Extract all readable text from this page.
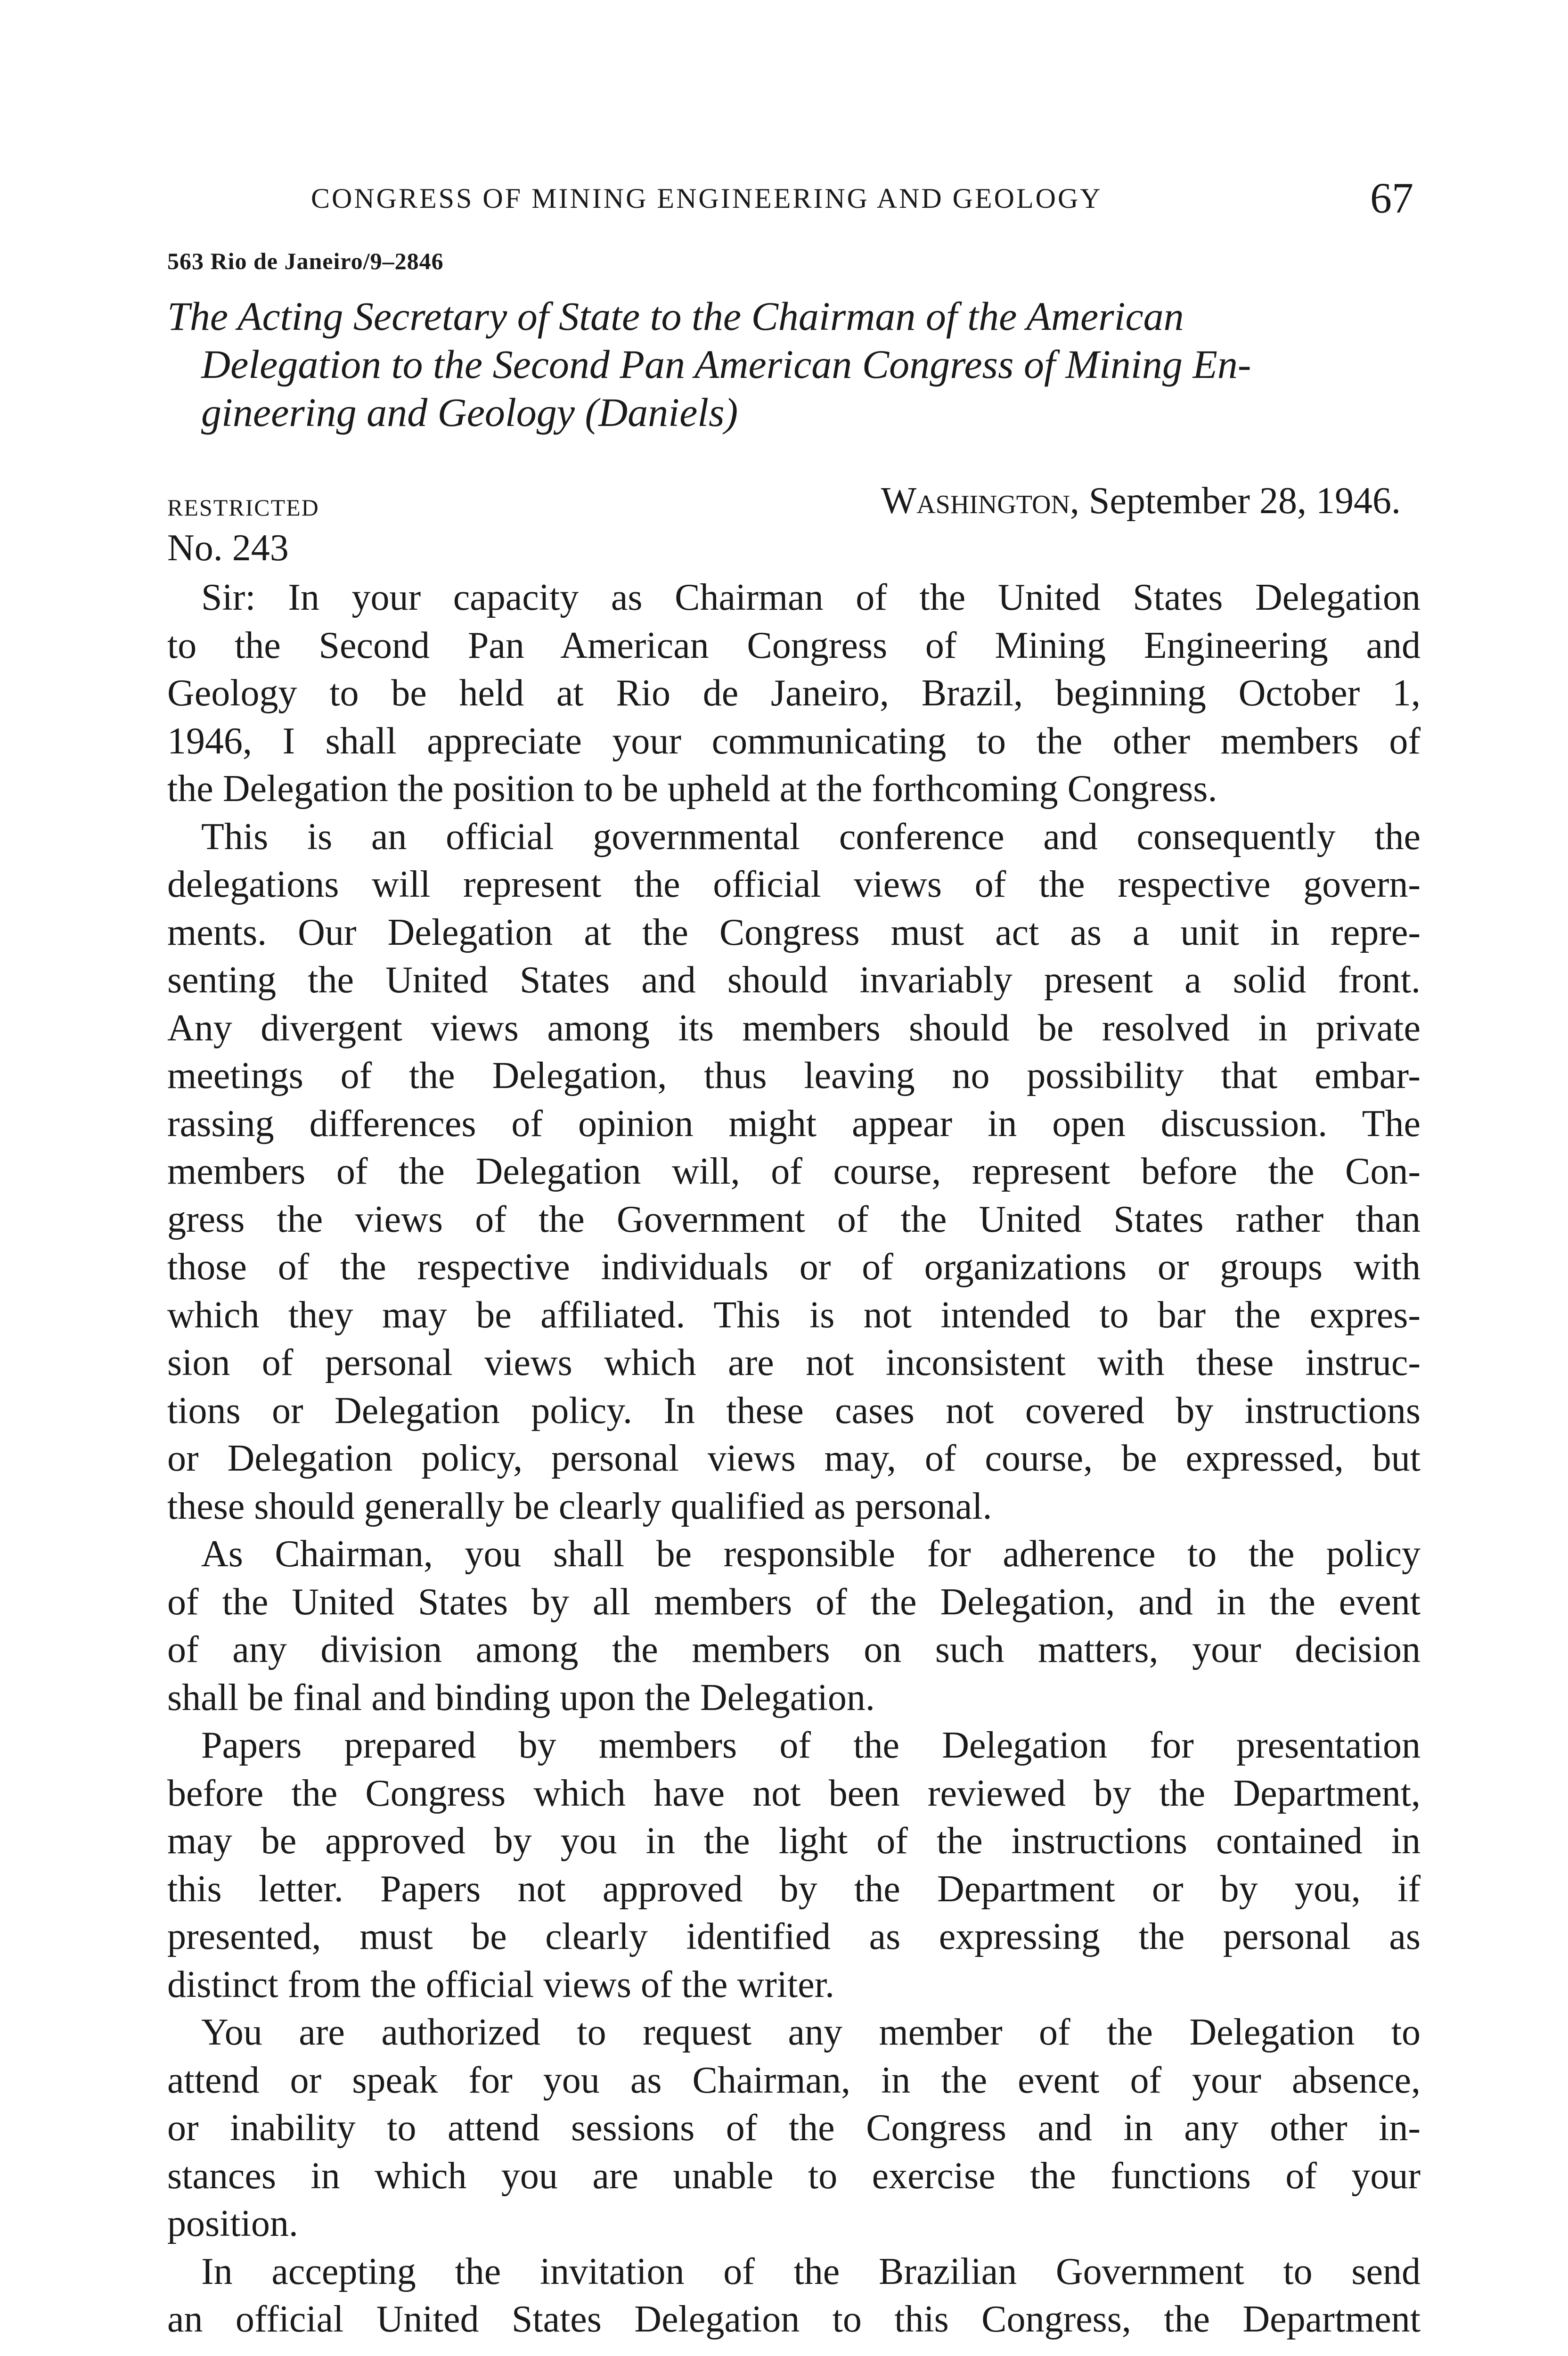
CONGRESS OF MINING ENGINEERING AND GEOLOGY	67
563 Rio de Janeiro/9–2846
The Acting Secretary of State to the Chairman of the American
Delegation to the Second Pan American Congress of Mining En-
gineering and Geology (Daniels)
RESTRICTED	Washington, September 28, 1946.
No. 243
Sir: In your capacity as Chairman of the United States Delegation
to the Second Pan American Congress of Mining Engineering and
Geology to be held at Rio de Janeiro, Brazil, beginning October 1,
1946, I shall appreciate your communicating to the other members of
the Delegation the position to be upheld at the forthcoming Congress.
This is an official governmental conference and consequently the
delegations will represent the official views of the respective govern-
ments. Our Delegation at the Congress must act as a unit in repre-
senting the United States and should invariably present a solid front.
Any divergent views among its members should be resolved in private
meetings of the Delegation, thus leaving no possibility that embar-
rassing differences of opinion might appear in open discussion. The
members of the Delegation will, of course, represent before the Con-
gress the views of the Government of the United States rather than
those of the respective individuals or of organizations or groups with
which they may be affiliated. This is not intended to bar the expres-
sion of personal views which are not inconsistent with these instruc-
tions or Delegation policy. In these cases not covered by instructions
or Delegation policy, personal views may, of course, be expressed, but
these should generally be clearly qualified as personal.
As Chairman, you shall be responsible for adherence to the policy
of the United States by all members of the Delegation, and in the event
of any division among the members on such matters, your decision
shall be final and binding upon the Delegation.
Papers prepared by members of the Delegation for presentation
before the Congress which have not been reviewed by the Department,
may be approved by you in the light of the instructions contained in
this letter. Papers not approved by the Department or by you, if
presented, must be clearly identified as expressing the personal as
distinct from the official views of the writer.
You are authorized to request any member of the Delegation to
attend or speak for you as Chairman, in the event of your absence,
or inability to attend sessions of the Congress and in any other in-
stances in which you are unable to exercise the functions of your
position.
In accepting the invitation of the Brazilian Government to send
an official United States Delegation to this Congress, the Department
